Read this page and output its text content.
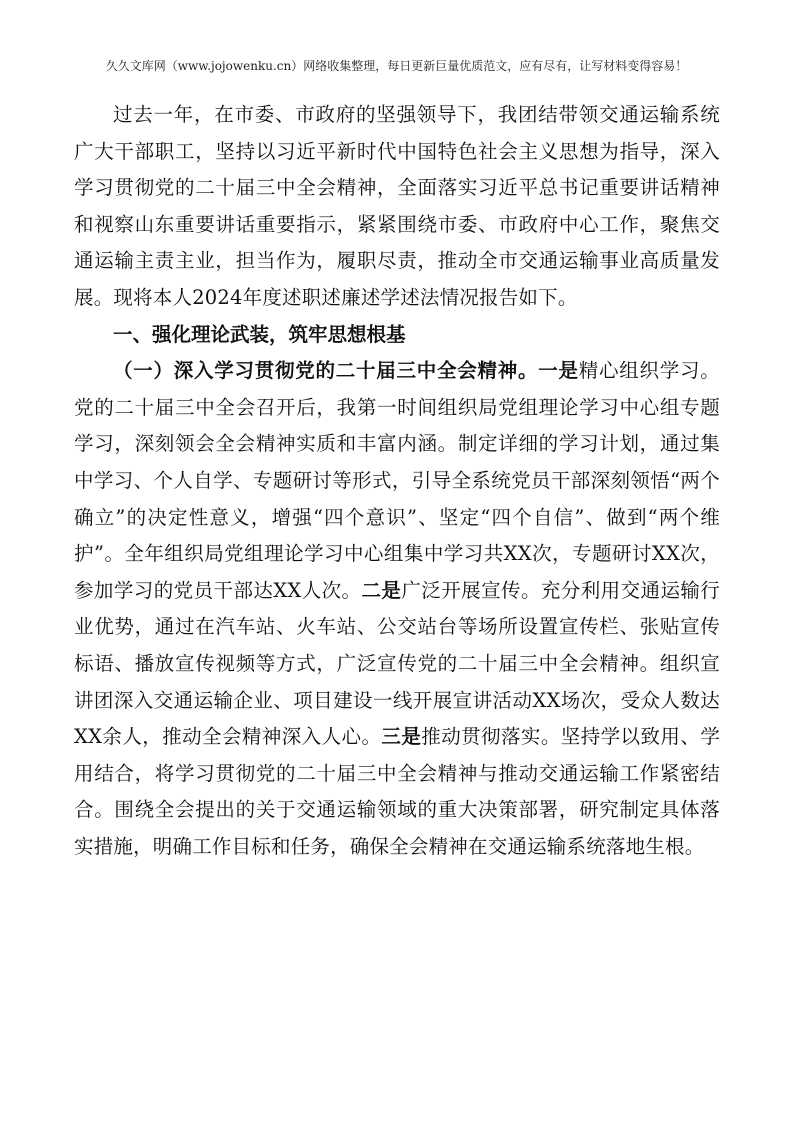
久久文库网（www.jojowenku.cn）网络收集整理，每日更新巨量优质范文，应有尽有，让写材料变得容易！

过去一年，在市委、市政府的坚强领导下，我团结带领交通运输系统广大干部职工，坚持以习近平新时代中国特色社会主义思想为指导，深入学习贯彻党的二十届三中全会精神，全面落实习近平总书记重要讲话精神和视察山东重要讲话重要指示，紧紧围绕市委、市政府中心工作，聚焦交通运输主责主业，担当作为，履职尽责，推动全市交通运输事业高质量发展。现将本人2024年度述职述廉述学述法情况报告如下。

一、强化理论武装，筑牢思想根基

（一）深入学习贯彻党的二十届三中全会精神。一是精心组织学习。党的二十届三中全会召开后，我第一时间组织局党组理论学习中心组专题学习，深刻领会全会精神实质和丰富内涵。制定详细的学习计划，通过集中学习、个人自学、专题研讨等形式，引导全系统党员干部深刻领悟“两个确立”的决定性意义，增强“四个意识”、坚定“四个自信”、做到“两个维护”。全年组织局党组理论学习中心组集中学习共XX次，专题研讨XX次，参加学习的党员干部达XX人次。二是广泛开展宣传。充分利用交通运输行业优势，通过在汽车站、火车站、公交站台等场所设置宣传栏、张贴宣传标语、播放宣传视频等方式，广泛宣传党的二十届三中全会精神。组织宣讲团深入交通运输企业、项目建设一线开展宣讲活动XX场次，受众人数达XX余人，推动全会精神深入人心。三是推动贯彻落实。坚持学以致用、学用结合，将学习贯彻党的二十届三中全会精神与推动交通运输工作紧密结合。围绕全会提出的关于交通运输领域的重大决策部署，研究制定具体落实措施，明确工作目标和任务，确保全会精神在交通运输系统落地生根。
